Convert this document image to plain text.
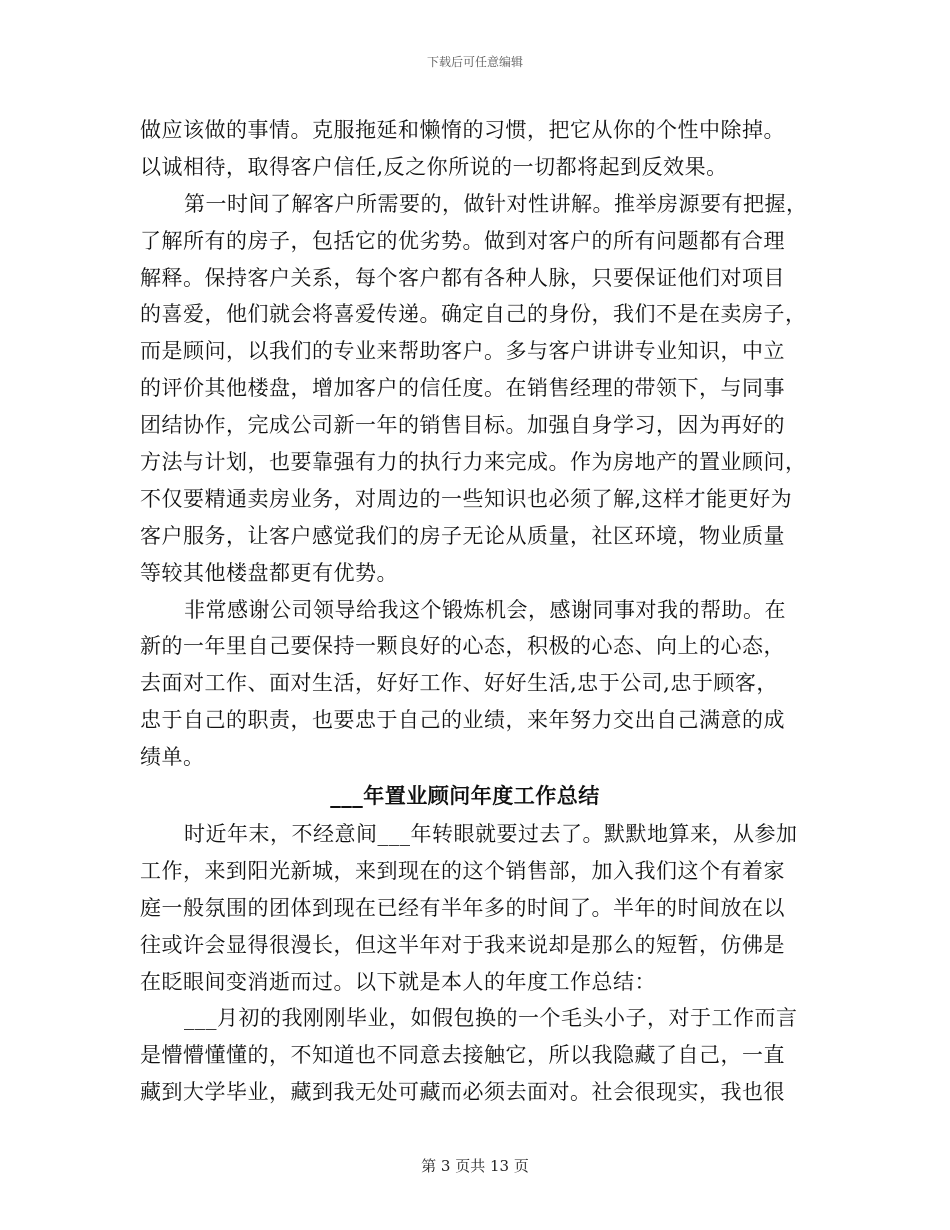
下载后可任意编辑
做应该做的事情。克服拖延和懒惰的习惯，把它从你的个性中除掉。
以诚相待，取得客户信任,反之你所说的一切都将起到反效果。
第一时间了解客户所需要的，做针对性讲解。推举房源要有把握，
了解所有的房子，包括它的优劣势。做到对客户的所有问题都有合理
解释。保持客户关系，每个客户都有各种人脉，只要保证他们对项目
的喜爱，他们就会将喜爱传递。确定自己的身份，我们不是在卖房子，
而是顾问，以我们的专业来帮助客户。多与客户讲讲专业知识，中立
的评价其他楼盘，增加客户的信任度。在销售经理的带领下，与同事
团结协作，完成公司新一年的销售目标。加强自身学习，因为再好的
方法与计划，也要靠强有力的执行力来完成。作为房地产的置业顾问，
不仅要精通卖房业务，对周边的一些知识也必须了解,这样才能更好为
客户服务，让客户感觉我们的房子无论从质量，社区环境，物业质量
等较其他楼盘都更有优势。
非常感谢公司领导给我这个锻炼机会，感谢同事对我的帮助。在
新的一年里自己要保持一颗良好的心态，积极的心态、向上的心态，
去面对工作、面对生活，好好工作、好好生活,忠于公司,忠于顾客，
忠于自己的职责，也要忠于自己的业绩，来年努力交出自己满意的成
绩单。
___年置业顾问年度工作总结
时近年末，不经意间___年转眼就要过去了。默默地算来，从参加
工作，来到阳光新城，来到现在的这个销售部，加入我们这个有着家
庭一般氛围的团体到现在已经有半年多的时间了。半年的时间放在以
往或许会显得很漫长，但这半年对于我来说却是那么的短暂，仿佛是
在眨眼间变消逝而过。以下就是本人的年度工作总结：
___月初的我刚刚毕业，如假包换的一个毛头小子，对于工作而言
是懵懵懂懂的，不知道也不同意去接触它，所以我隐藏了自己，一直
藏到大学毕业，藏到我无处可藏而必须去面对。社会很现实，我也很
第 3 页共 13 页
